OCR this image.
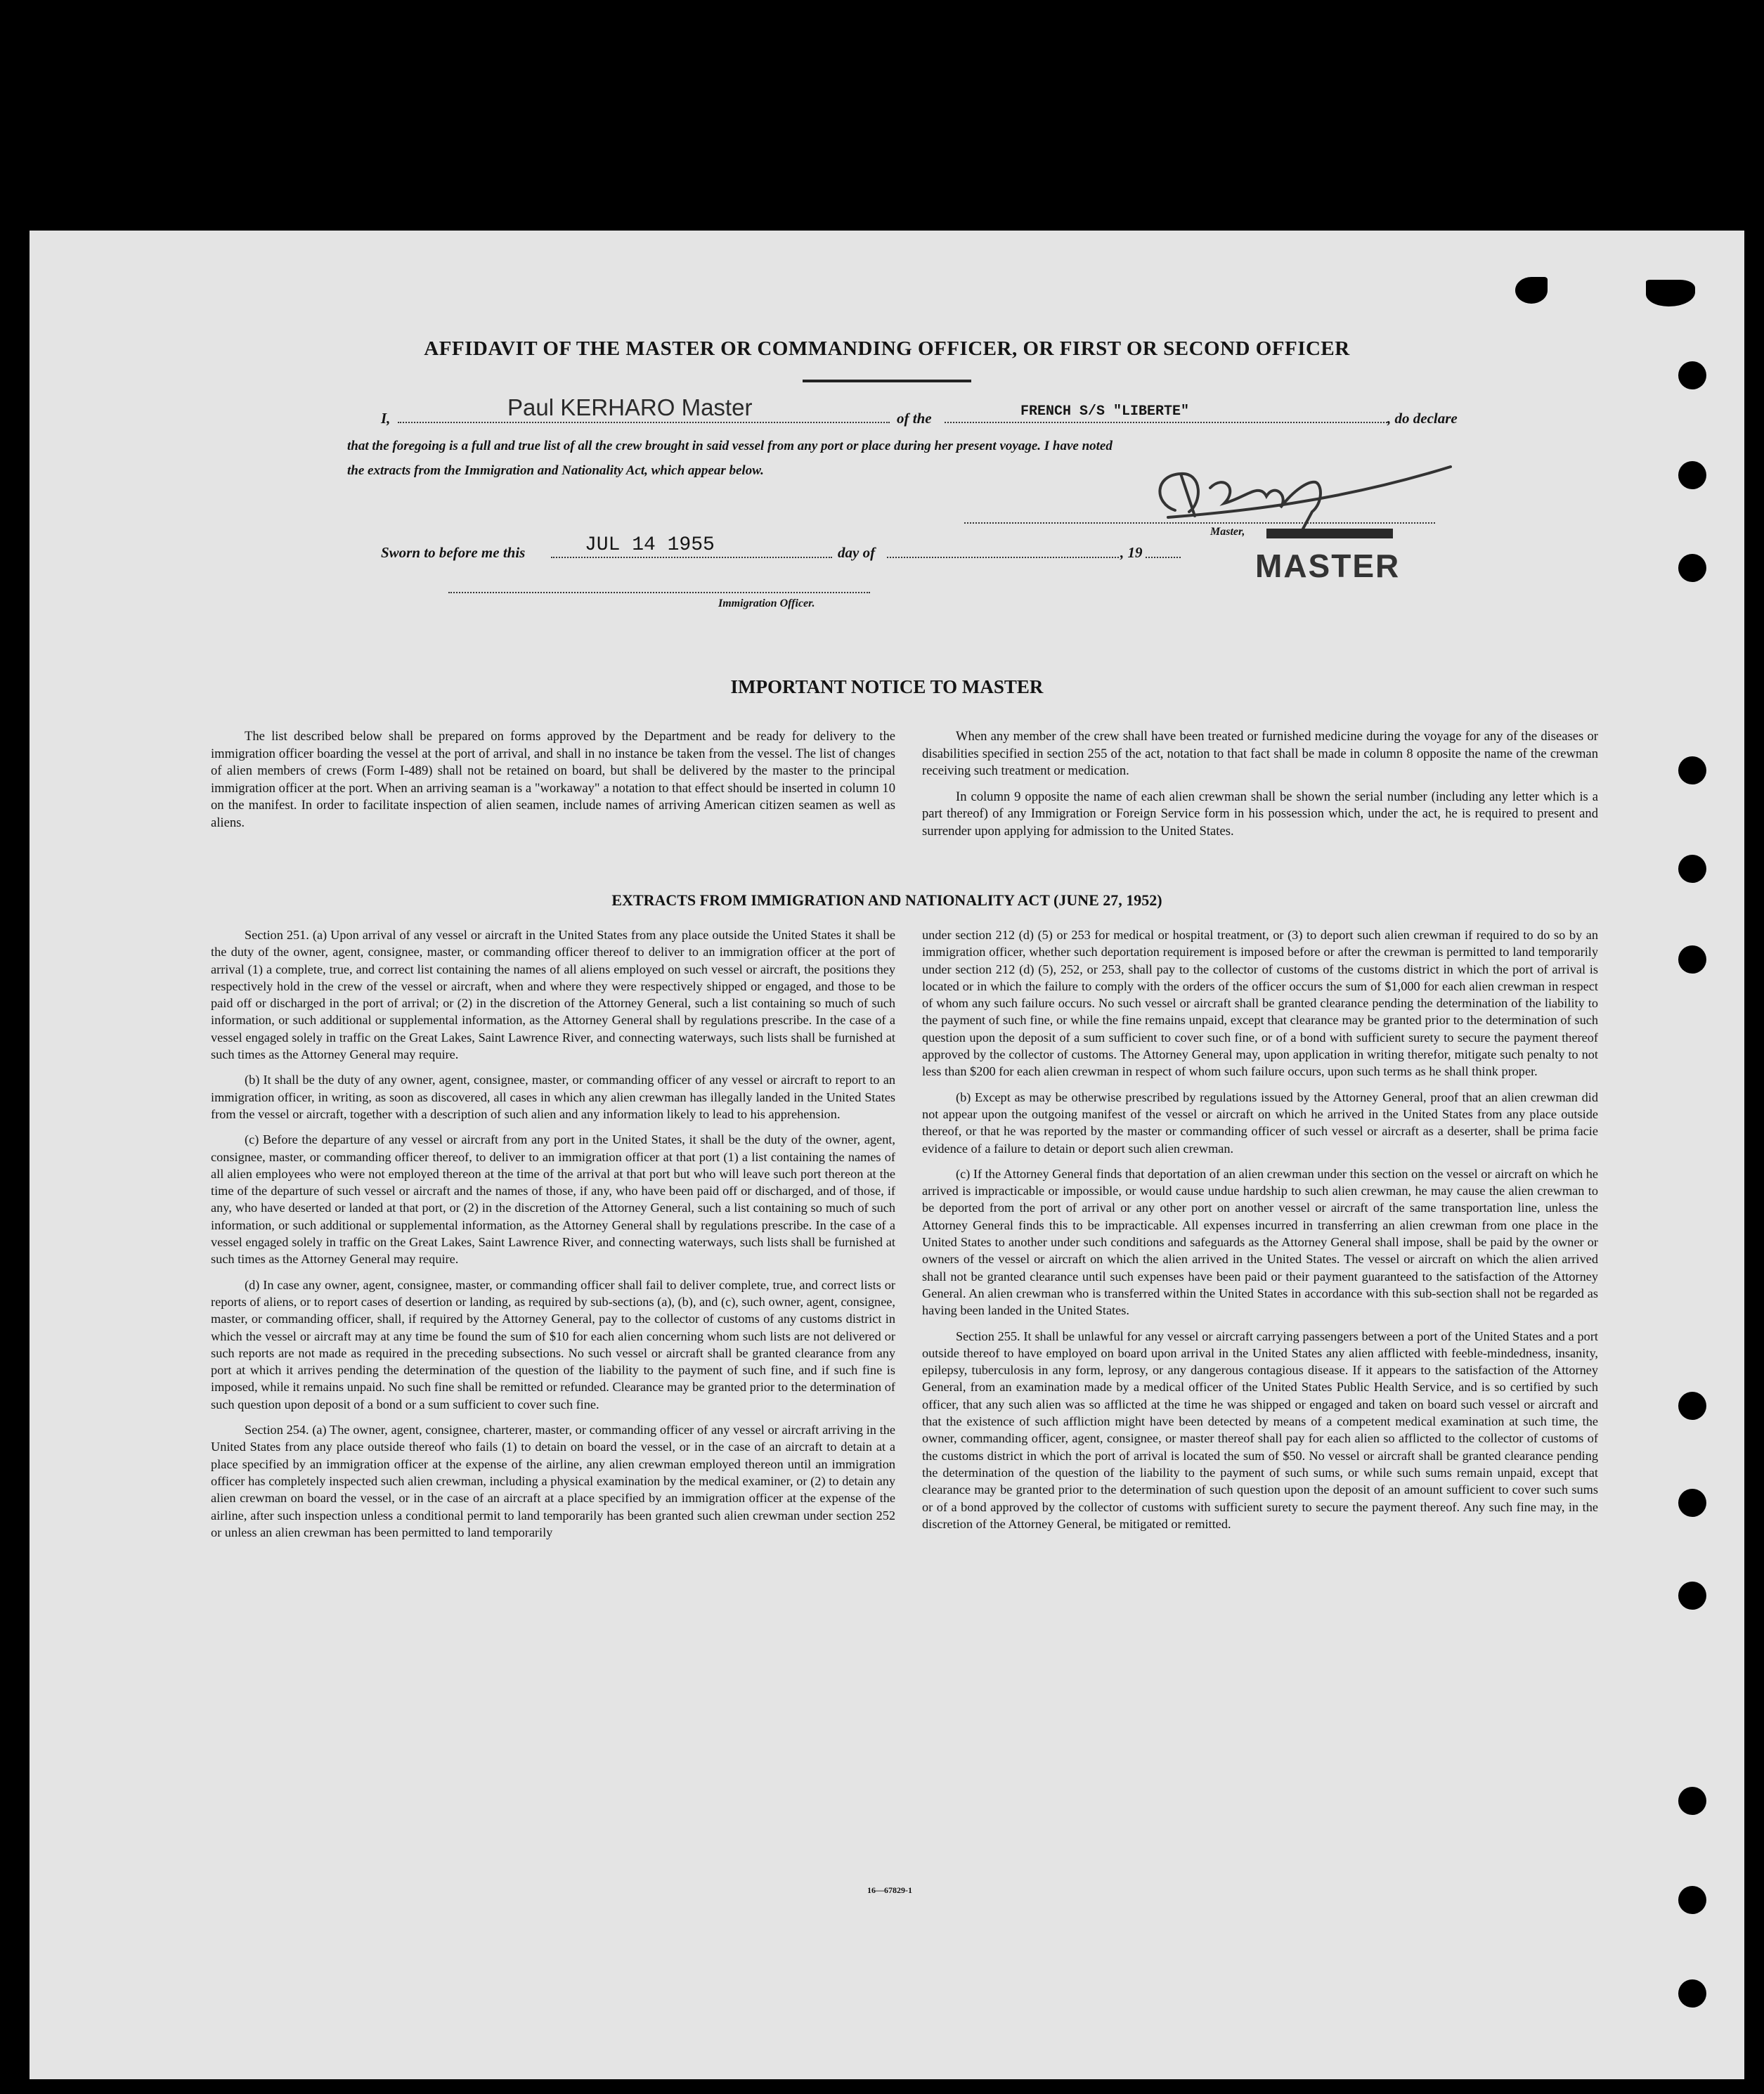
AFFIDAVIT OF THE MASTER OR COMMANDING OFFICER, OR FIRST OR SECOND OFFICER
I,	Paul KERHARO Master	of the	FRENCH S/S "LIBERTE"	, do declare
that the foregoing is a full and true list of all the crew brought in said vessel from any port or place during her present voyage. I have noted
the extracts from the Immigration and Nationality Act, which appear below.
Master,
MASTER
Sworn to before me this	JUL 14 1955	day of	, 19
Immigration Officer.
IMPORTANT NOTICE TO MASTER

The list described below shall be prepared on forms approved by the Department and be ready for delivery to the immigration officer boarding the vessel at the port of arrival, and shall in no instance be taken from the vessel. The list of changes of alien members of crews (Form I-489) shall not be retained on board, but shall be delivered by the master to the principal immigration officer at the port. When an arriving seaman is a "workaway" a notation to that effect should be inserted in column 10 on the manifest. In order to facilitate inspection of alien seamen, include names of arriving American citizen seamen as well as aliens.

When any member of the crew shall have been treated or furnished medicine during the voyage for any of the diseases or disabilities specified in section 255 of the act, notation to that fact shall be made in column 8 opposite the name of the crewman receiving such treatment or medication.

In column 9 opposite the name of each alien crewman shall be shown the serial number (including any letter which is a part thereof) of any Immigration or Foreign Service form in his possession which, under the act, he is required to present and surrender upon applying for admission to the United States.

EXTRACTS FROM IMMIGRATION AND NATIONALITY ACT (JUNE 27, 1952)

Section 251. (a) Upon arrival of any vessel or aircraft in the United States from any place outside the United States it shall be the duty of the owner, agent, consignee, master, or commanding officer thereof to deliver to an immigration officer at the port of arrival (1) a complete, true, and correct list containing the names of all aliens employed on such vessel or aircraft, the positions they respectively hold in the crew of the vessel or aircraft, when and where they were respectively shipped or engaged, and those to be paid off or discharged in the port of arrival; or (2) in the discretion of the Attorney General, such a list containing so much of such information, or such additional or supplemental information, as the Attorney General shall by regulations prescribe. In the case of a vessel engaged solely in traffic on the Great Lakes, Saint Lawrence River, and connecting waterways, such lists shall be furnished at such times as the Attorney General may require.

(b) It shall be the duty of any owner, agent, consignee, master, or commanding officer of any vessel or aircraft to report to an immigration officer, in writing, as soon as discovered, all cases in which any alien crewman has illegally landed in the United States from the vessel or aircraft, together with a description of such alien and any information likely to lead to his apprehension.

(c) Before the departure of any vessel or aircraft from any port in the United States, it shall be the duty of the owner, agent, consignee, master, or commanding officer thereof, to deliver to an immigration officer at that port (1) a list containing the names of all alien employees who were not employed thereon at the time of the arrival at that port but who will leave such port thereon at the time of the departure of such vessel or aircraft and the names of those, if any, who have been paid off or discharged, and of those, if any, who have deserted or landed at that port, or (2) in the discretion of the Attorney General, such a list containing so much of such information, or such additional or supplemental information, as the Attorney General shall by regulations prescribe. In the case of a vessel engaged solely in traffic on the Great Lakes, Saint Lawrence River, and connecting waterways, such lists shall be furnished at such times as the Attorney General may require.

(d) In case any owner, agent, consignee, master, or commanding officer shall fail to deliver complete, true, and correct lists or reports of aliens, or to report cases of desertion or landing, as required by sub-sections (a), (b), and (c), such owner, agent, consignee, master, or commanding officer, shall, if required by the Attorney General, pay to the collector of customs of any customs district in which the vessel or aircraft may at any time be found the sum of $10 for each alien concerning whom such lists are not delivered or such reports are not made as required in the preceding subsections. No such vessel or aircraft shall be granted clearance from any port at which it arrives pending the determination of the question of the liability to the payment of such fine, and if such fine is imposed, while it remains unpaid. No such fine shall be remitted or refunded. Clearance may be granted prior to the determination of such question upon deposit of a bond or a sum sufficient to cover such fine.

Section 254. (a) The owner, agent, consignee, charterer, master, or commanding officer of any vessel or aircraft arriving in the United States from any place outside thereof who fails (1) to detain on board the vessel, or in the case of an aircraft to detain at a place specified by an immigration officer at the expense of the airline, any alien crewman employed thereon until an immigration officer has completely inspected such alien crewman, including a physical examination by the medical examiner, or (2) to detain any alien crewman on board the vessel, or in the case of an aircraft at a place specified by an immigration officer at the expense of the airline, after such inspection unless a conditional permit to land temporarily has been granted such alien crewman under section 252 or unless an alien crewman has been permitted to land temporarily

under section 212 (d) (5) or 253 for medical or hospital treatment, or (3) to deport such alien crewman if required to do so by an immigration officer, whether such deportation requirement is imposed before or after the crewman is permitted to land temporarily under section 212 (d) (5), 252, or 253, shall pay to the collector of customs of the customs district in which the port of arrival is located or in which the failure to comply with the orders of the officer occurs the sum of $1,000 for each alien crewman in respect of whom any such failure occurs. No such vessel or aircraft shall be granted clearance pending the determination of the liability to the payment of such fine, or while the fine remains unpaid, except that clearance may be granted prior to the determination of such question upon the deposit of a sum sufficient to cover such fine, or of a bond with sufficient surety to secure the payment thereof approved by the collector of customs. The Attorney General may, upon application in writing therefor, mitigate such penalty to not less than $200 for each alien crewman in respect of whom such failure occurs, upon such terms as he shall think proper.

(b) Except as may be otherwise prescribed by regulations issued by the Attorney General, proof that an alien crewman did not appear upon the outgoing manifest of the vessel or aircraft on which he arrived in the United States from any place outside thereof, or that he was reported by the master or commanding officer of such vessel or aircraft as a deserter, shall be prima facie evidence of a failure to detain or deport such alien crewman.

(c) If the Attorney General finds that deportation of an alien crewman under this section on the vessel or aircraft on which he arrived is impracticable or impossible, or would cause undue hardship to such alien crewman, he may cause the alien crewman to be deported from the port of arrival or any other port on another vessel or aircraft of the same transportation line, unless the Attorney General finds this to be impracticable. All expenses incurred in transferring an alien crewman from one place in the United States to another under such conditions and safeguards as the Attorney General shall impose, shall be paid by the owner or owners of the vessel or aircraft on which the alien arrived in the United States. The vessel or aircraft on which the alien arrived shall not be granted clearance until such expenses have been paid or their payment guaranteed to the satisfaction of the Attorney General. An alien crewman who is transferred within the United States in accordance with this sub-section shall not be regarded as having been landed in the United States.

Section 255. It shall be unlawful for any vessel or aircraft carrying passengers between a port of the United States and a port outside thereof to have employed on board upon arrival in the United States any alien afflicted with feeble-mindedness, insanity, epilepsy, tuberculosis in any form, leprosy, or any dangerous contagious disease. If it appears to the satisfaction of the Attorney General, from an examination made by a medical officer of the United States Public Health Service, and is so certified by such officer, that any such alien was so afflicted at the time he was shipped or engaged and taken on board such vessel or aircraft and that the existence of such affliction might have been detected by means of a competent medical examination at such time, the owner, commanding officer, agent, consignee, or master thereof shall pay for each alien so afflicted to the collector of customs of the customs district in which the port of arrival is located the sum of $50. No vessel or aircraft shall be granted clearance pending the determination of the question of the liability to the payment of such sums, or while such sums remain unpaid, except that clearance may be granted prior to the determination of such question upon the deposit of an amount sufficient to cover such sums or of a bond approved by the collector of customs with sufficient surety to secure the payment thereof. Any such fine may, in the discretion of the Attorney General, be mitigated or remitted.

16—67829-1
